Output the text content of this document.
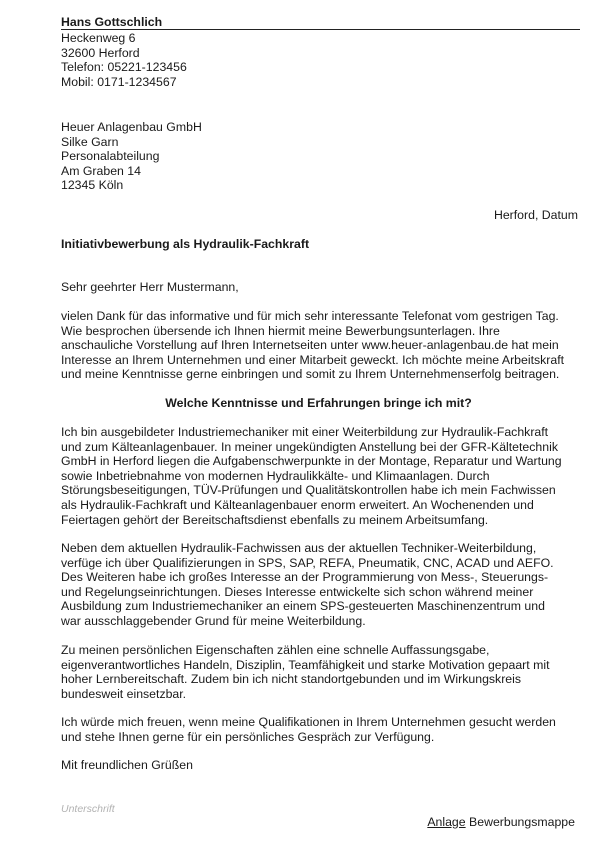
Hans Gottschlich
Heckenweg 6
32600 Herford
Telefon: 05221-123456
Mobil: 0171-1234567
Heuer Anlagenbau GmbH
Silke Garn
Personalabteilung
Am Graben 14
12345 Köln
Herford, Datum
Initiativbewerbung als Hydraulik-Fachkraft
Sehr geehrter Herr Mustermann,
vielen Dank für das informative und für mich sehr interessante Telefonat vom gestrigen Tag.
Wie besprochen übersende ich Ihnen hiermit meine Bewerbungsunterlagen. Ihre
anschauliche Vorstellung auf Ihren Internetseiten unter www.heuer-anlagenbau.de hat mein
Interesse an Ihrem Unternehmen und einer Mitarbeit geweckt. Ich möchte meine Arbeitskraft
und meine Kenntnisse gerne einbringen und somit zu Ihrem Unternehmenserfolg beitragen.
Welche Kenntnisse und Erfahrungen bringe ich mit?
Ich bin ausgebildeter Industriemechaniker mit einer Weiterbildung zur Hydraulik-Fachkraft
und zum Kälteanlagenbauer. In meiner ungekündigten Anstellung bei der GFR-Kältetechnik
GmbH in Herford liegen die Aufgabenschwerpunkte in der Montage, Reparatur und Wartung
sowie Inbetriebnahme von modernen Hydraulikkälte- und Klimaanlagen. Durch
Störungsbeseitigungen, TÜV-Prüfungen und Qualitätskontrollen habe ich mein Fachwissen
als Hydraulik-Fachkraft und Kälteanlagenbauer enorm erweitert. An Wochenenden und
Feiertagen gehört der Bereitschaftsdienst ebenfalls zu meinem Arbeitsumfang.
Neben dem aktuellen Hydraulik-Fachwissen aus der aktuellen Techniker-Weiterbildung,
verfüge ich über Qualifizierungen in SPS, SAP, REFA, Pneumatik, CNC, ACAD und AEFO.
Des Weiteren habe ich großes Interesse an der Programmierung von Mess-, Steuerungs-
und Regelungseinrichtungen. Dieses Interesse entwickelte sich schon während meiner
Ausbildung zum Industriemechaniker an einem SPS-gesteuerten Maschinenzentrum und
war ausschlaggebender Grund für meine Weiterbildung.
Zu meinen persönlichen Eigenschaften zählen eine schnelle Auffassungsgabe,
eigenverantwortliches Handeln, Disziplin, Teamfähigkeit und starke Motivation gepaart mit
hoher Lernbereitschaft. Zudem bin ich nicht standortgebunden und im Wirkungskreis
bundesweit einsetzbar.
Ich würde mich freuen, wenn meine Qualifikationen in Ihrem Unternehmen gesucht werden
und stehe Ihnen gerne für ein persönliches Gespräch zur Verfügung.
Mit freundlichen Grüßen
Unterschrift
Anlage Bewerbungsmappe
